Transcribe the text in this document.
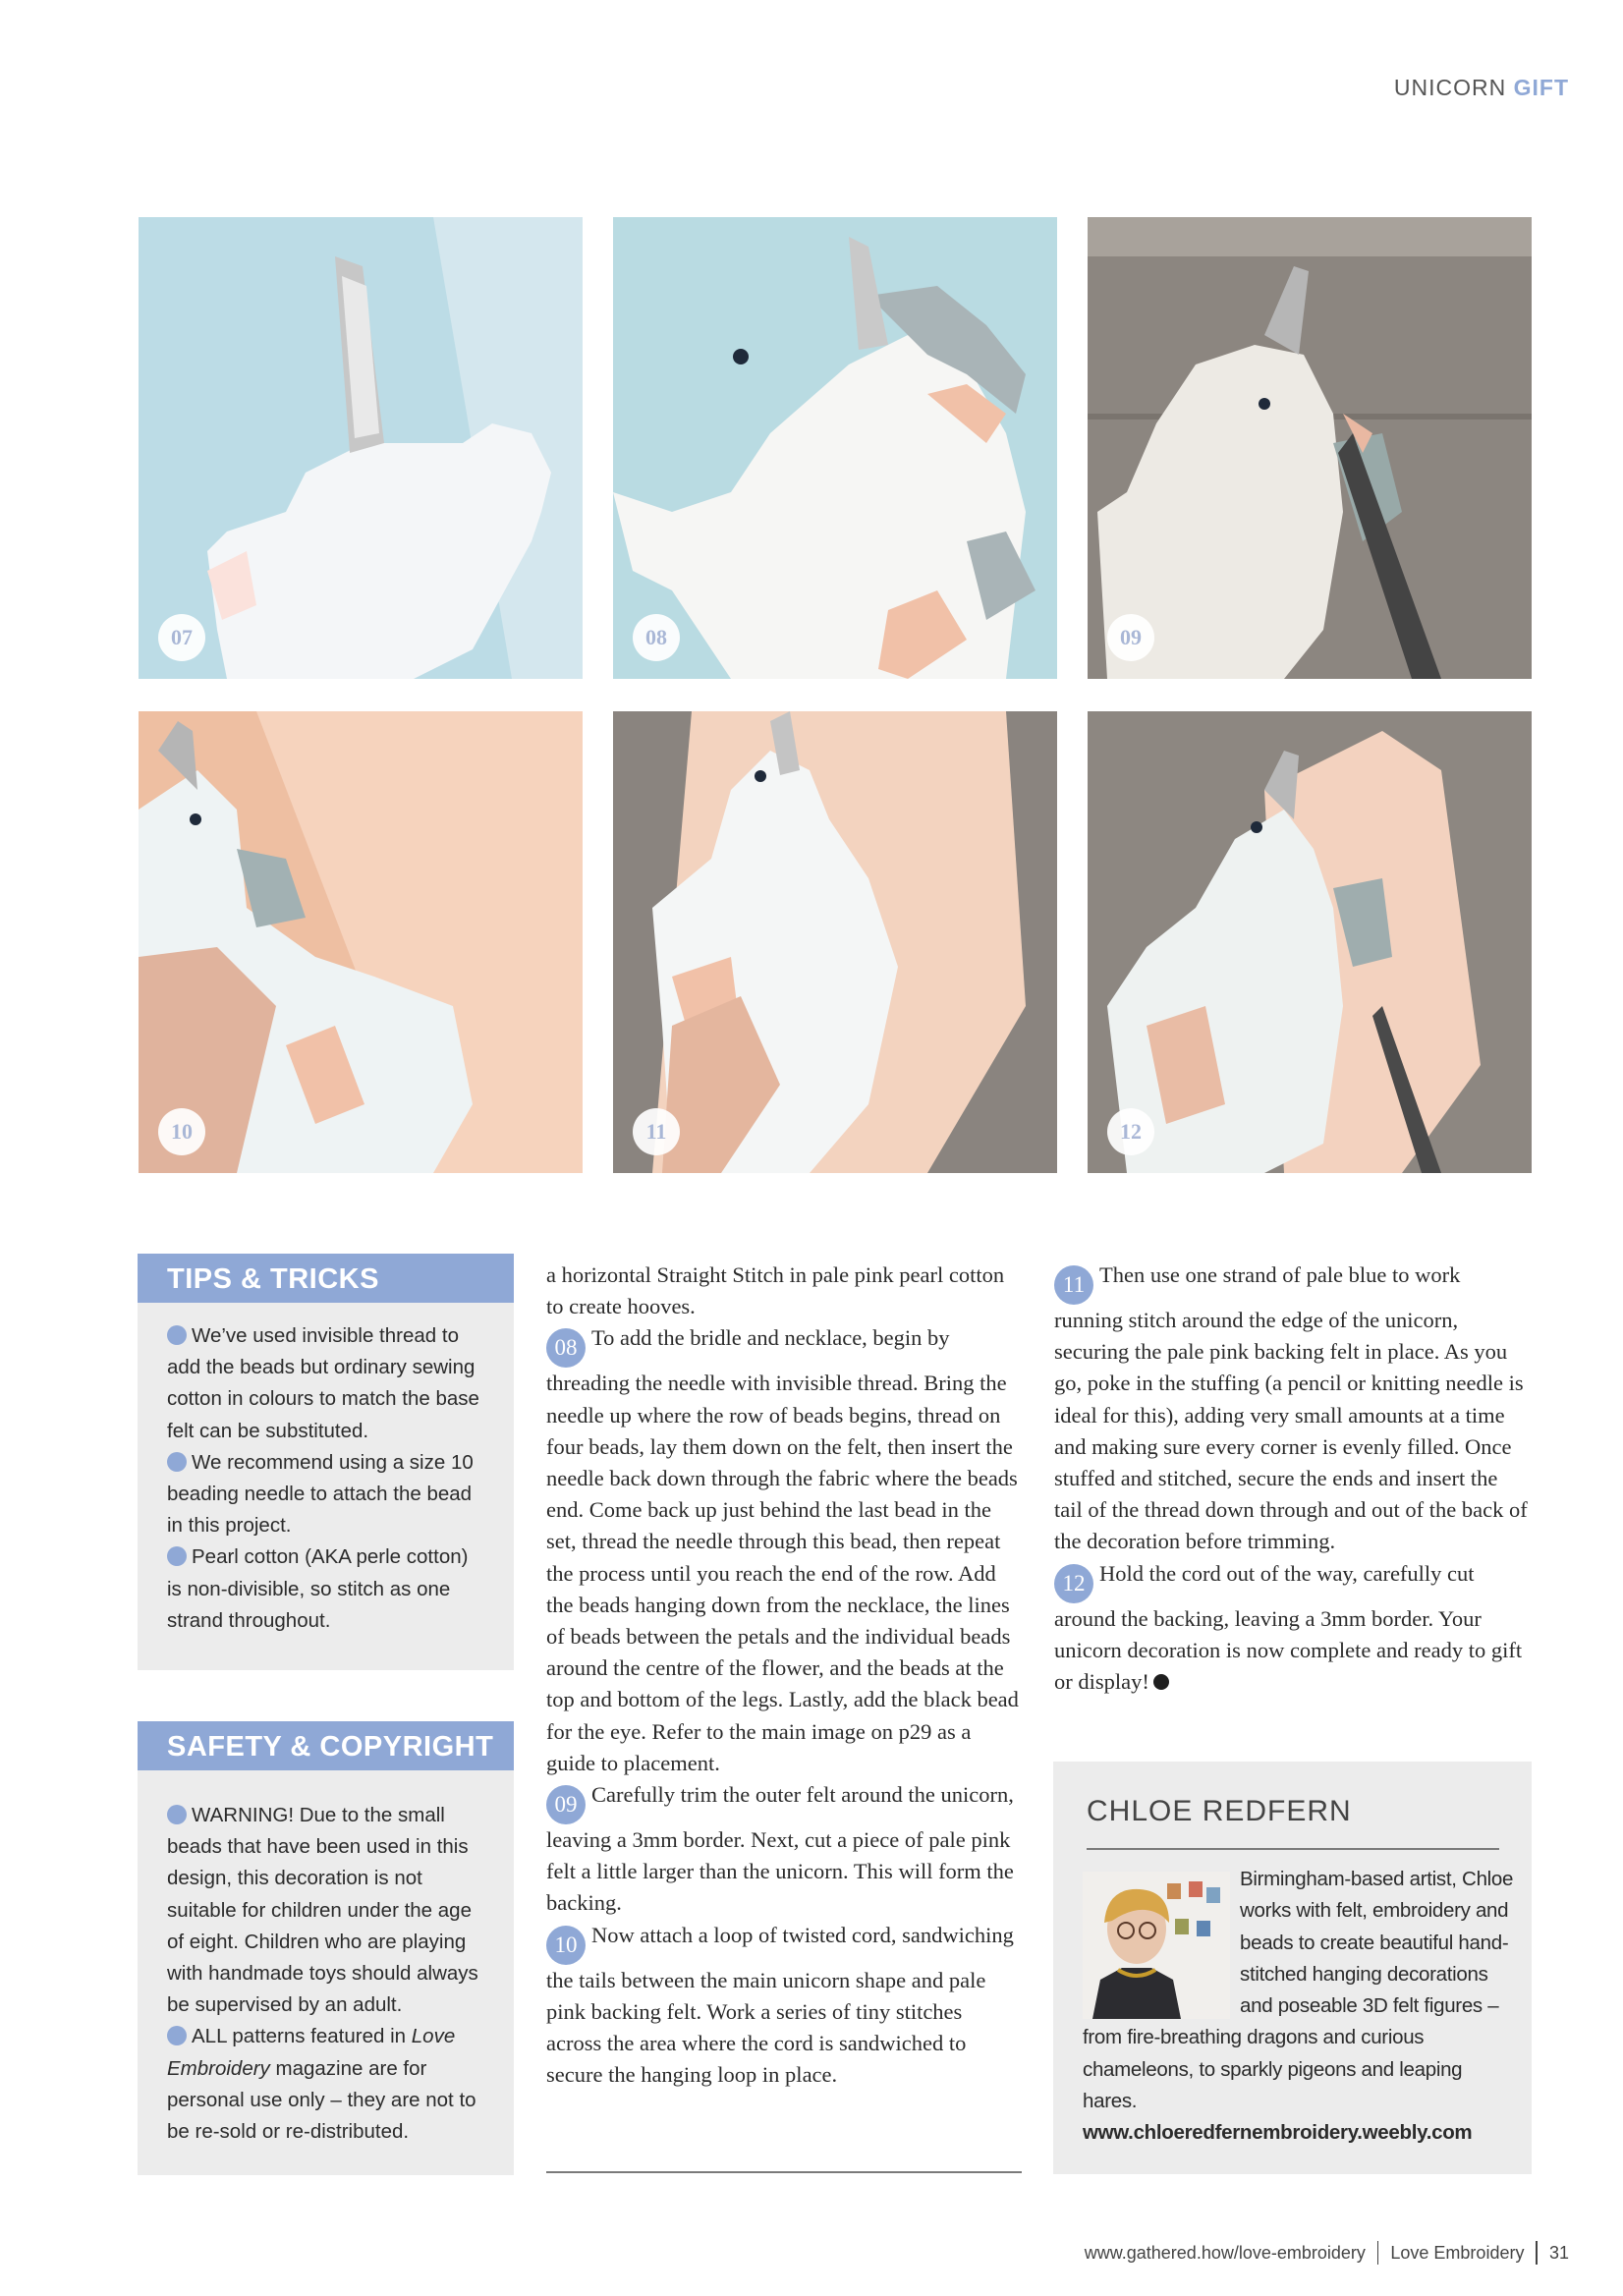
UNICORN GIFT
07	08	09
10	11	12
TIPS & TRICKS

We’ve used invisible thread to add the beads but ordinary sewing cotton in colours to match the base felt can be substituted.

We recommend using a size 10 beading needle to attach the bead in this project.

Pearl cotton (AKA perle cotton) is non-divisible, so stitch as one strand throughout.

SAFETY & COPYRIGHT

WARNING! Due to the small beads that have been used in this design, this decoration is not suitable for children under the age of eight. Children who are playing with handmade toys should always be supervised by an adult.

ALL patterns featured in Love Embroidery magazine are for personal use only – they are not to be re-sold or re-distributed.

a horizontal Straight Stitch in pale pink pearl cotton to create hooves.

08 To add the bridle and necklace, begin by threading the needle with invisible thread. Bring the needle up where the row of beads begins, thread on four beads, lay them down on the felt, then insert the needle back down through the fabric where the beads end. Come back up just behind the last bead in the set, thread the needle through this bead, then repeat the process until you reach the end of the row. Add the beads hanging down from the necklace, the lines of beads between the petals and the individual beads around the centre of the flower, and the beads at the top and bottom of the legs. Lastly, add the black bead for the eye. Refer to the main image on p29 as a guide to placement.

09 Carefully trim the outer felt around the unicorn, leaving a 3mm border. Next, cut a piece of pale pink felt a little larger than the unicorn. This will form the backing.

10 Now attach a loop of twisted cord, sandwiching the tails between the main unicorn shape and pale pink backing felt. Work a series of tiny stitches across the area where the cord is sandwiched to secure the hanging loop in place.

11 Then use one strand of pale blue to work running stitch around the edge of the unicorn, securing the pale pink backing felt in place. As you go, poke in the stuffing (a pencil or knitting needle is ideal for this), adding very small amounts at a time and making sure every corner is evenly filled. Once stuffed and stitched, secure the ends and insert the tail of the thread down through and out of the back of the decoration before trimming.

12 Hold the cord out of the way, carefully cut around the backing, leaving a 3mm border. Your unicorn decoration is now complete and ready to gift or display!

CHLOE REDFERN
Birmingham-based artist, Chloe works with felt, embroidery and beads to create beautiful hand-stitched hanging decorations and poseable 3D felt figures – from fire-breathing dragons and curious chameleons, to sparkly pigeons and leaping hares.
www.chloeredfernembroidery.weebly.com
www.gathered.how/love-embroidery Love Embroidery 31
